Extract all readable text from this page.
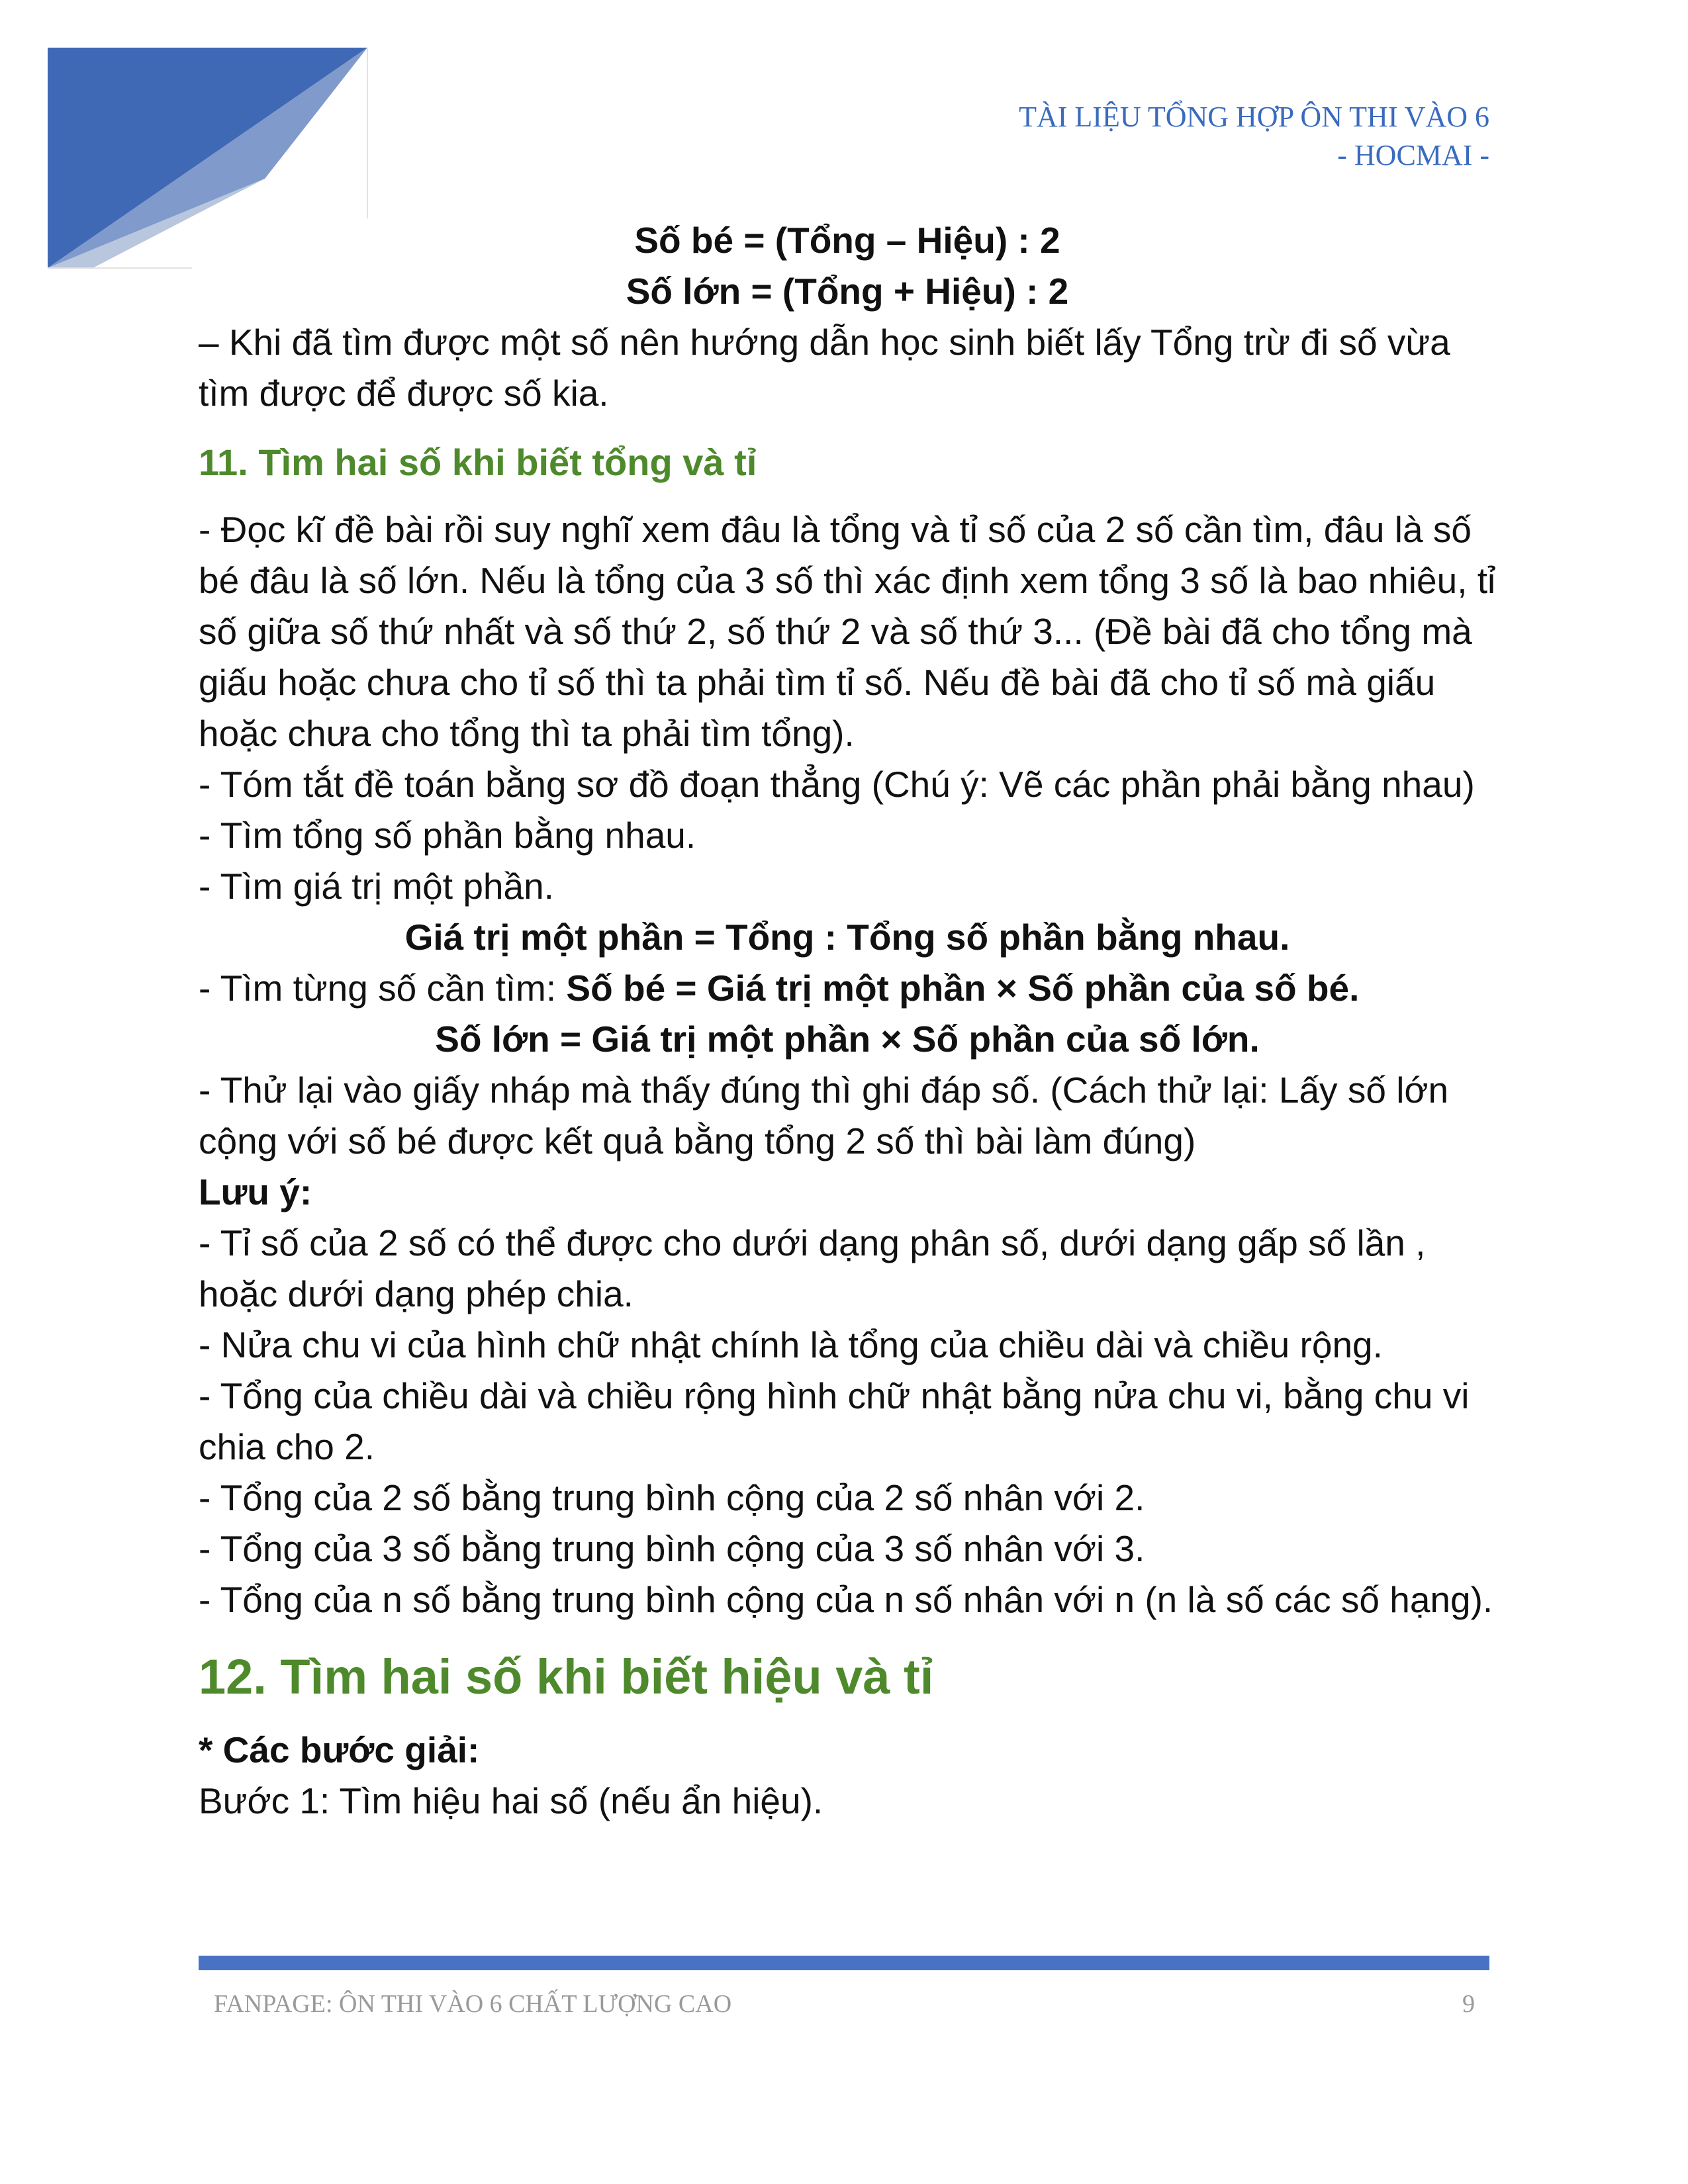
TÀI LIỆU TỔNG HỢP ÔN THI VÀO 6
- HOCMAI -

Số bé = (Tổng – Hiệu) : 2

Số lớn = (Tổng + Hiệu) : 2

– Khi đã tìm được một số nên hướng dẫn học sinh biết lấy Tổng trừ đi số vừa tìm được để được số kia.

11. Tìm hai số khi biết tổng và tỉ

- Đọc kĩ đề bài rồi suy nghĩ xem đâu là tổng và tỉ số của 2 số cần tìm, đâu là số bé đâu là số lớn. Nếu là tổng của 3 số thì xác định xem tổng 3 số là bao nhiêu, tỉ số giữa số thứ nhất và số thứ 2, số thứ 2 và số thứ 3... (Đề bài đã cho tổng mà giấu hoặc chưa cho tỉ số thì ta phải tìm tỉ số. Nếu đề bài đã cho tỉ số mà giấu hoặc chưa cho tổng thì ta phải tìm tổng).

- Tóm tắt đề toán bằng sơ đồ đoạn thẳng (Chú ý: Vẽ các phần phải bằng nhau)

- Tìm tổng số phần bằng nhau.

- Tìm giá trị một phần.

Giá trị một phần = Tổng : Tổng số phần bằng nhau.

- Tìm từng số cần tìm: Số bé = Giá trị một phần × Số phần của số bé.

Số lớn = Giá trị một phần × Số phần của số lớn.

- Thử lại vào giấy nháp mà thấy đúng thì ghi đáp số. (Cách thử lại: Lấy số lớn cộng với số bé được kết quả bằng tổng 2 số thì bài làm đúng)

Lưu ý:

- Tỉ số của 2 số có thể được cho dưới dạng phân số, dưới dạng gấp số lần , hoặc dưới dạng phép chia.

- Nửa chu vi của hình chữ nhật chính là tổng của chiều dài và chiều rộng.

- Tổng của chiều dài và chiều rộng hình chữ nhật bằng nửa chu vi, bằng chu vi chia cho 2.

- Tổng của 2 số bằng trung bình cộng của 2 số nhân với 2.

- Tổng của 3 số bằng trung bình cộng của 3 số nhân với 3.

- Tổng của n số bằng trung bình cộng của n số nhân với n (n là số các số hạng).

12. Tìm hai số khi biết hiệu và tỉ

* Các bước giải:

Bước 1: Tìm hiệu hai số (nếu ẩn hiệu).

FANPAGE: ÔN THI VÀO 6 CHẤT LƯỢNG CAO	9
